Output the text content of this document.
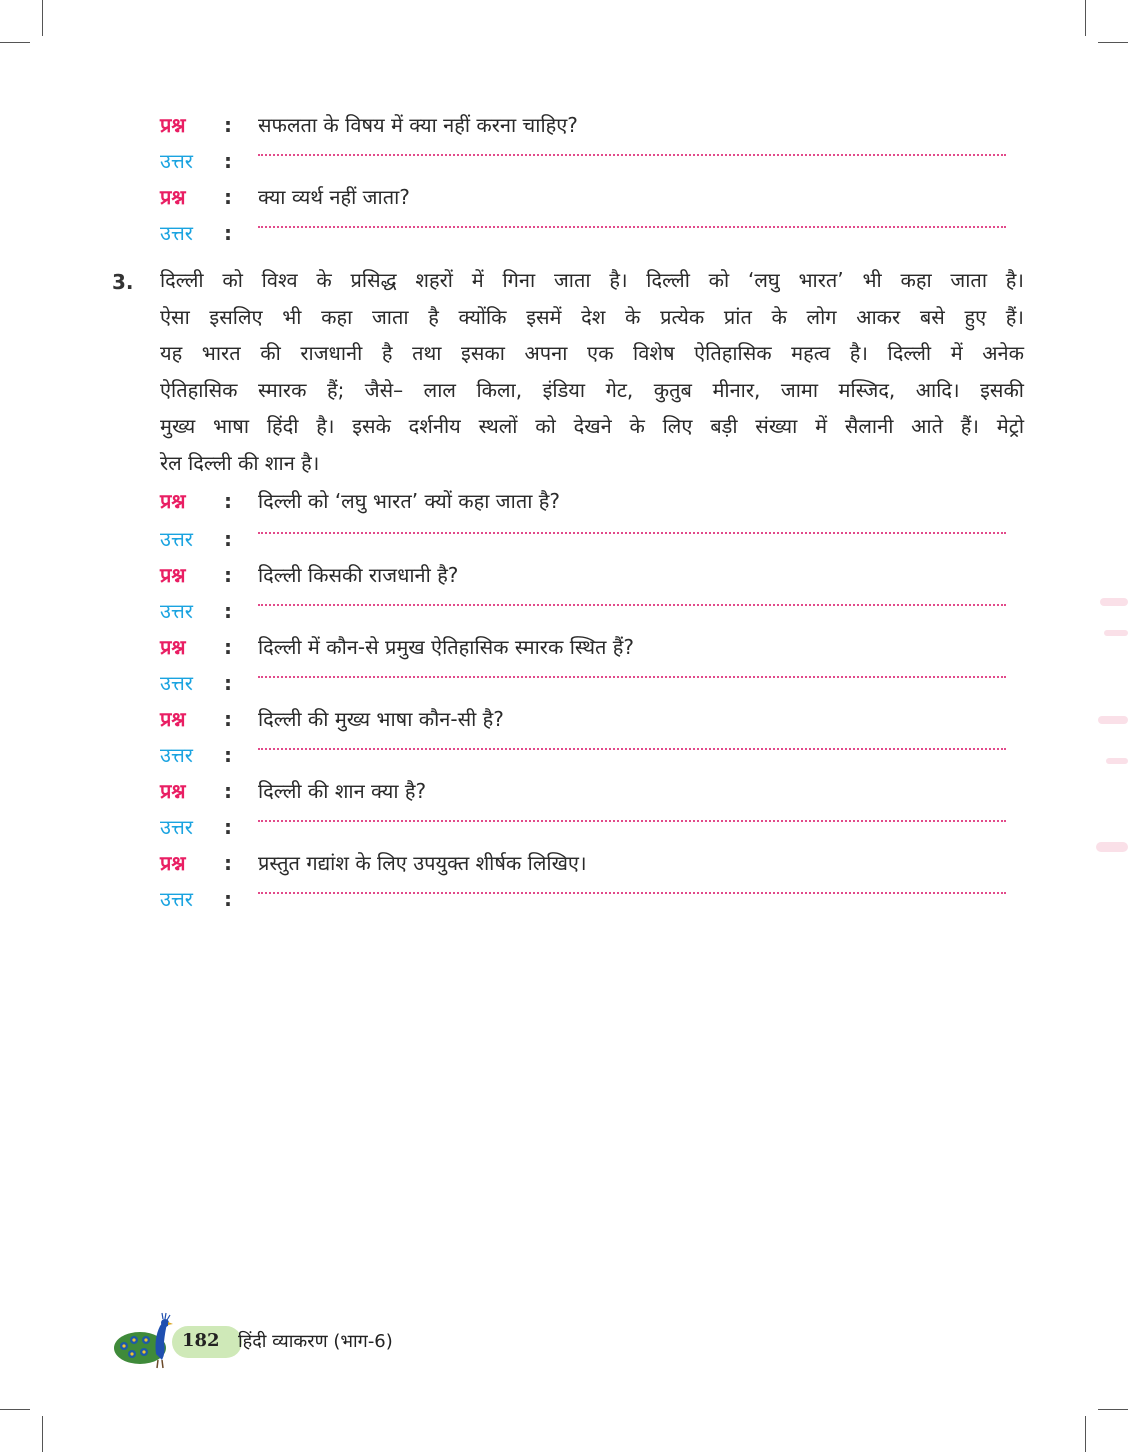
प्रश्न : सफलता के विषय में क्या नहीं करना चाहिए?
उत्तर :
प्रश्न : क्या व्यर्थ नहीं जाता?
उत्तर :
3. दिल्ली को विश्व के प्रसिद्ध शहरों में गिना जाता है। दिल्ली को ‘लघु भारत’ भी कहा जाता है।
ऐसा इसलिए भी कहा जाता है क्योंकि इसमें देश के प्रत्येक प्रांत के लोग आकर बसे हुए हैं।
यह भारत की राजधानी है तथा इसका अपना एक विशेष ऐतिहासिक महत्व है। दिल्ली में अनेक
ऐतिहासिक स्मारक हैं; जैसे– लाल किला, इंडिया गेट, कुतुब मीनार, जामा मस्जिद, आदि। इसकी
मुख्य भाषा हिंदी है। इसके दर्शनीय स्थलों को देखने के लिए बड़ी संख्या में सैलानी आते हैं। मेट्रो
रेल दिल्ली की शान है।
प्रश्न : दिल्ली को ‘लघु भारत’ क्यों कहा जाता है?
उत्तर :
प्रश्न : दिल्ली किसकी राजधानी है?
उत्तर :
प्रश्न : दिल्ली में कौन-से प्रमुख ऐतिहासिक स्मारक स्थित हैं?
उत्तर :
प्रश्न : दिल्ली की मुख्य भाषा कौन-सी है?
उत्तर :
प्रश्न : दिल्ली की शान क्या है?
उत्तर :
प्रश्न : प्रस्तुत गद्यांश के लिए उपयुक्त शीर्षक लिखिए।
उत्तर :
182 हिंदी व्याकरण (भाग-6)
